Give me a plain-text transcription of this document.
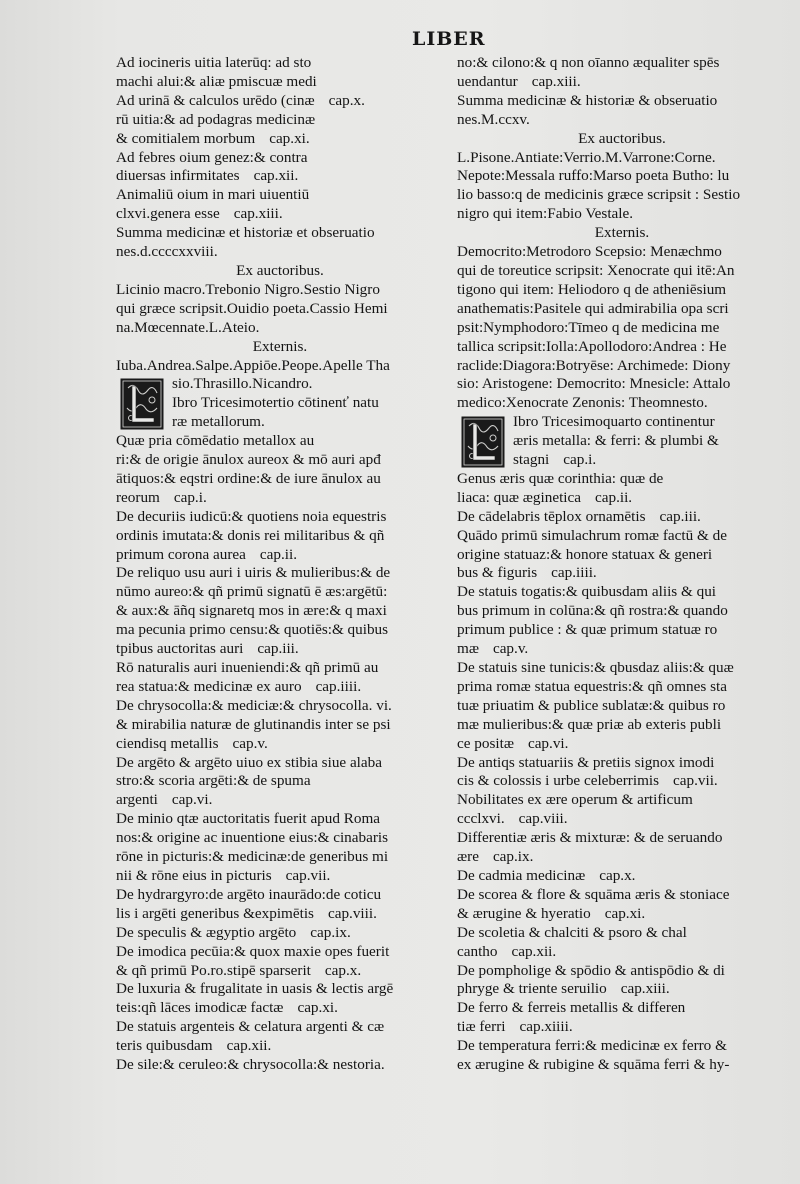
LIBER
Ad iocineris uitia laterūq: ad sto
machi alui:& aliæ pmiscuæ medi
Ad urinā & calculos urēdo (cinæ cap.x.
rū uitia:& ad podagras medicinæ
& comitialem morbum cap.xi.
Ad febres oium genez:& contra
diuersas infirmitates cap.xii.
Animaliū oium in mari uiuentiū
clxvi.genera esse cap.xiii.
Summa medicinæ et historiæ et obseruatio
nes.d.ccccxxviii.
Ex auctoribus.
Licinio macro.Trebonio Nigro.Sestio Nigro
qui græce scripsit.Ouidio poeta.Cassio Hemi
na.Mœcennate.L.Ateio.
Externis.
Iuba.Andrea.Salpe.Appiōe.Peope.Apelle Tha
sio.Thrasillo.Nicandro.
Ibro Tricesimotertio cōtinenť natu
ræ metallorum.
Quæ pria cōmēdatio metallox au
ri:& de origie ānulox aureox & mō auri apđ
ātiquos:& eqstri ordine:& de iure ānulox au
reorum cap.i.
De decuriis iudicū:& quotiens noia equestris
ordinis imutata:& donis rei militaribus & qñ
primum corona aurea cap.ii.
De reliquo usu auri i uiris & mulieribus:& de
nūmo aureo:& qñ primū signatū ē æs:argētū:
& aux:& āñq signaretq mos in ære:& q maxi
ma pecunia primo censu:& quotiēs:& quibus
tpibus auctoritas auri cap.iii.
Rō naturalis auri inueniendi:& qñ primū au
rea statua:& medicinæ ex auro cap.iiii.
De chrysocolla:& mediciæ:& chrysocolla. vi.
& mirabilia naturæ de glutinandis inter se psi
ciendisq metallis cap.v.
De argēto & argēto uiuo ex stibia siue alaba
stro:& scoria argēti:& de spuma
argenti cap.vi.
De minio qtæ auctoritatis fuerit apud Roma
nos:& origine ac inuentione eius:& cinabaris
rōne in picturis:& medicinæ:de generibus mi
nii & rōne eius in picturis cap.vii.
De hydrargyro:de argēto inaurādo:de coticu
lis i argēti generibus &expimētis cap.viii.
De speculis & ægyptio argēto cap.ix.
De imodica pecūia:& quox maxie opes fuerit
& qñ primū Po.ro.stipē sparserit cap.x.
De luxuria & frugalitate in uasis & lectis argē
teis:qñ lāces imodicæ factæ cap.xi.
De statuis argenteis & celatura argenti & cæ
teris quibusdam cap.xii.
De sile:& ceruleo:& chrysocolla:& nestoria.
no:& cilono:& q non oīanno æqualiter spēs
uendantur cap.xiii.
Summa medicinæ & historiæ & obseruatio
nes.M.ccxv.
Ex auctoribus.
L.Pisone.Antiate:Verrio.M.Varrone:Corne.
Nepote:Messala ruffo:Marso poeta Butho: lu
lio basso:q de medicinis græce scripsit : Sestio
nigro qui item:Fabio Vestale.
Externis.
Democrito:Metrodoro Scepsio: Menæchmo
qui de toreutice scripsit: Xenocrate qui itē:An
tigono qui item: Heliodoro q de atheniēsium
anathematis:Pasitele qui admirabilia opa scri
psit:Nymphodoro:Tīmeo q de medicina me
tallica scripsit:Iolla:Apollodoro:Andrea : He
raclide:Diagora:Botryēse: Archimede: Diony
sio: Aristogene: Democrito: Mnesicle: Attalo
medico:Xenocrate Zenonis: Theomnesto.
Ibro Tricesimoquarto continentur
æris metalla: & ferri: & plumbi &
stagni cap.i.
Genus æris quæ corinthia: quæ de
liaca: quæ æginetica cap.ii.
De cādelabris tēplox ornamētis cap.iii.
Quādo primū simulachrum romæ factū & de
origine statuaz:& honore statuax & generi
bus & figuris cap.iiii.
De statuis togatis:& quibusdam aliis & qui
bus primum in colūna:& qñ rostra:& quando
primum publice : & quæ primum statuæ ro
mæ cap.v.
De statuis sine tunicis:& qbusdaz aliis:& quæ
prima romæ statua equestris:& qñ omnes sta
tuæ priuatim & publice sublatæ:& quibus ro
mæ mulieribus:& quæ priæ ab exteris publi
ce positæ cap.vi.
De antiqs statuariis & pretiis signox imodi
cis & colossis i urbe celeberrimis cap.vii.
Nobilitates ex ære operum & artificum
ccclxvi. cap.viii.
Differentiæ æris & mixturæ: & de seruando
ære cap.ix.
De cadmia medicinæ cap.x.
De scorea & flore & squāma æris & stoniace
& ærugine & hyeratio cap.xi.
De scoletia & chalciti & psoro & chal
cantho cap.xii.
De pompholige & spōdio & antispōdio & di
phryge & triente seruilio cap.xiii.
De ferro & ferreis metallis & differen
tiæ ferri cap.xiiii.
De temperatura ferri:& medicinæ ex ferro &
ex ærugine & rubigine & squāma ferri & hy-
